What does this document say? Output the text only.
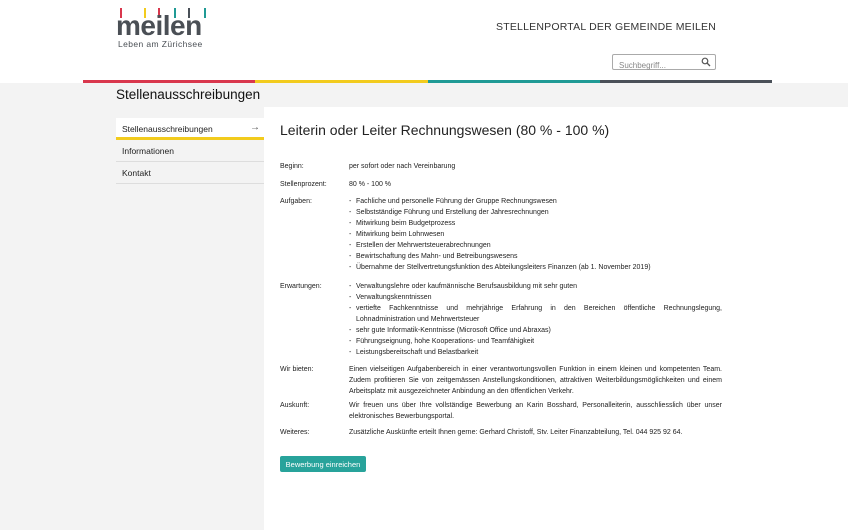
meilen
Leben am Zürichsee
STELLENPORTAL DER GEMEINDE MEILEN
Suchbegriff...
Stellenausschreibungen
Stellenausschreibungen	→
Informationen
Kontakt
Leiterin oder Leiter Rechnungswesen (80 % - 100 %)
Beginn:	per sofort oder nach Vereinbarung
Stellenprozent:	80 % - 100 %
Aufgaben:	- Fachliche und personelle Führung der Gruppe Rechnungswesen
- Selbstständige Führung und Erstellung der Jahresrechnungen
- Mitwirkung beim Budgetprozess
- Mitwirkung beim Lohnwesen
- Erstellen der Mehrwertsteuerabrechnungen
- Bewirtschaftung des Mahn- und Betreibungswesens
- Übernahme der Stellvertretungsfunktion des Abteilungsleiters Finanzen (ab 1. November 2019)
Erwartungen:	- Verwaltungslehre oder kaufmännische Berufsausbildung mit sehr guten
- Verwaltungskenntnissen
- vertiefte Fachkenntnisse und mehrjährige Erfahrung in den Bereichen öffentliche Rechnungslegung, Lohnadministration und Mehrwertsteuer
- sehr gute Informatik-Kenntnisse (Microsoft Office und Abraxas)
- Führungseignung, hohe Kooperations- und Teamfähigkeit
- Leistungsbereitschaft und Belastbarkeit
Wir bieten:	Einen vielseitigen Aufgabenbereich in einer verantwortungsvollen Funktion in einem kleinen und kompetenten Team. Zudem profitieren Sie von zeitgemässen Anstellungskonditionen, attraktiven Weiterbildungsmöglichkeiten und einem Arbeitsplatz mit ausgezeichneter Anbindung an den öffentlichen Verkehr.
Auskunft:	Wir freuen uns über Ihre vollständige Bewerbung an Karin Bosshard, Personalleiterin, ausschliesslich über unser elektronisches Bewerbungsportal.
Weiteres:	Zusätzliche Auskünfte erteilt Ihnen gerne: Gerhard Christoff, Stv. Leiter Finanzabteilung, Tel. 044 925 92 64.
Bewerbung einreichen
